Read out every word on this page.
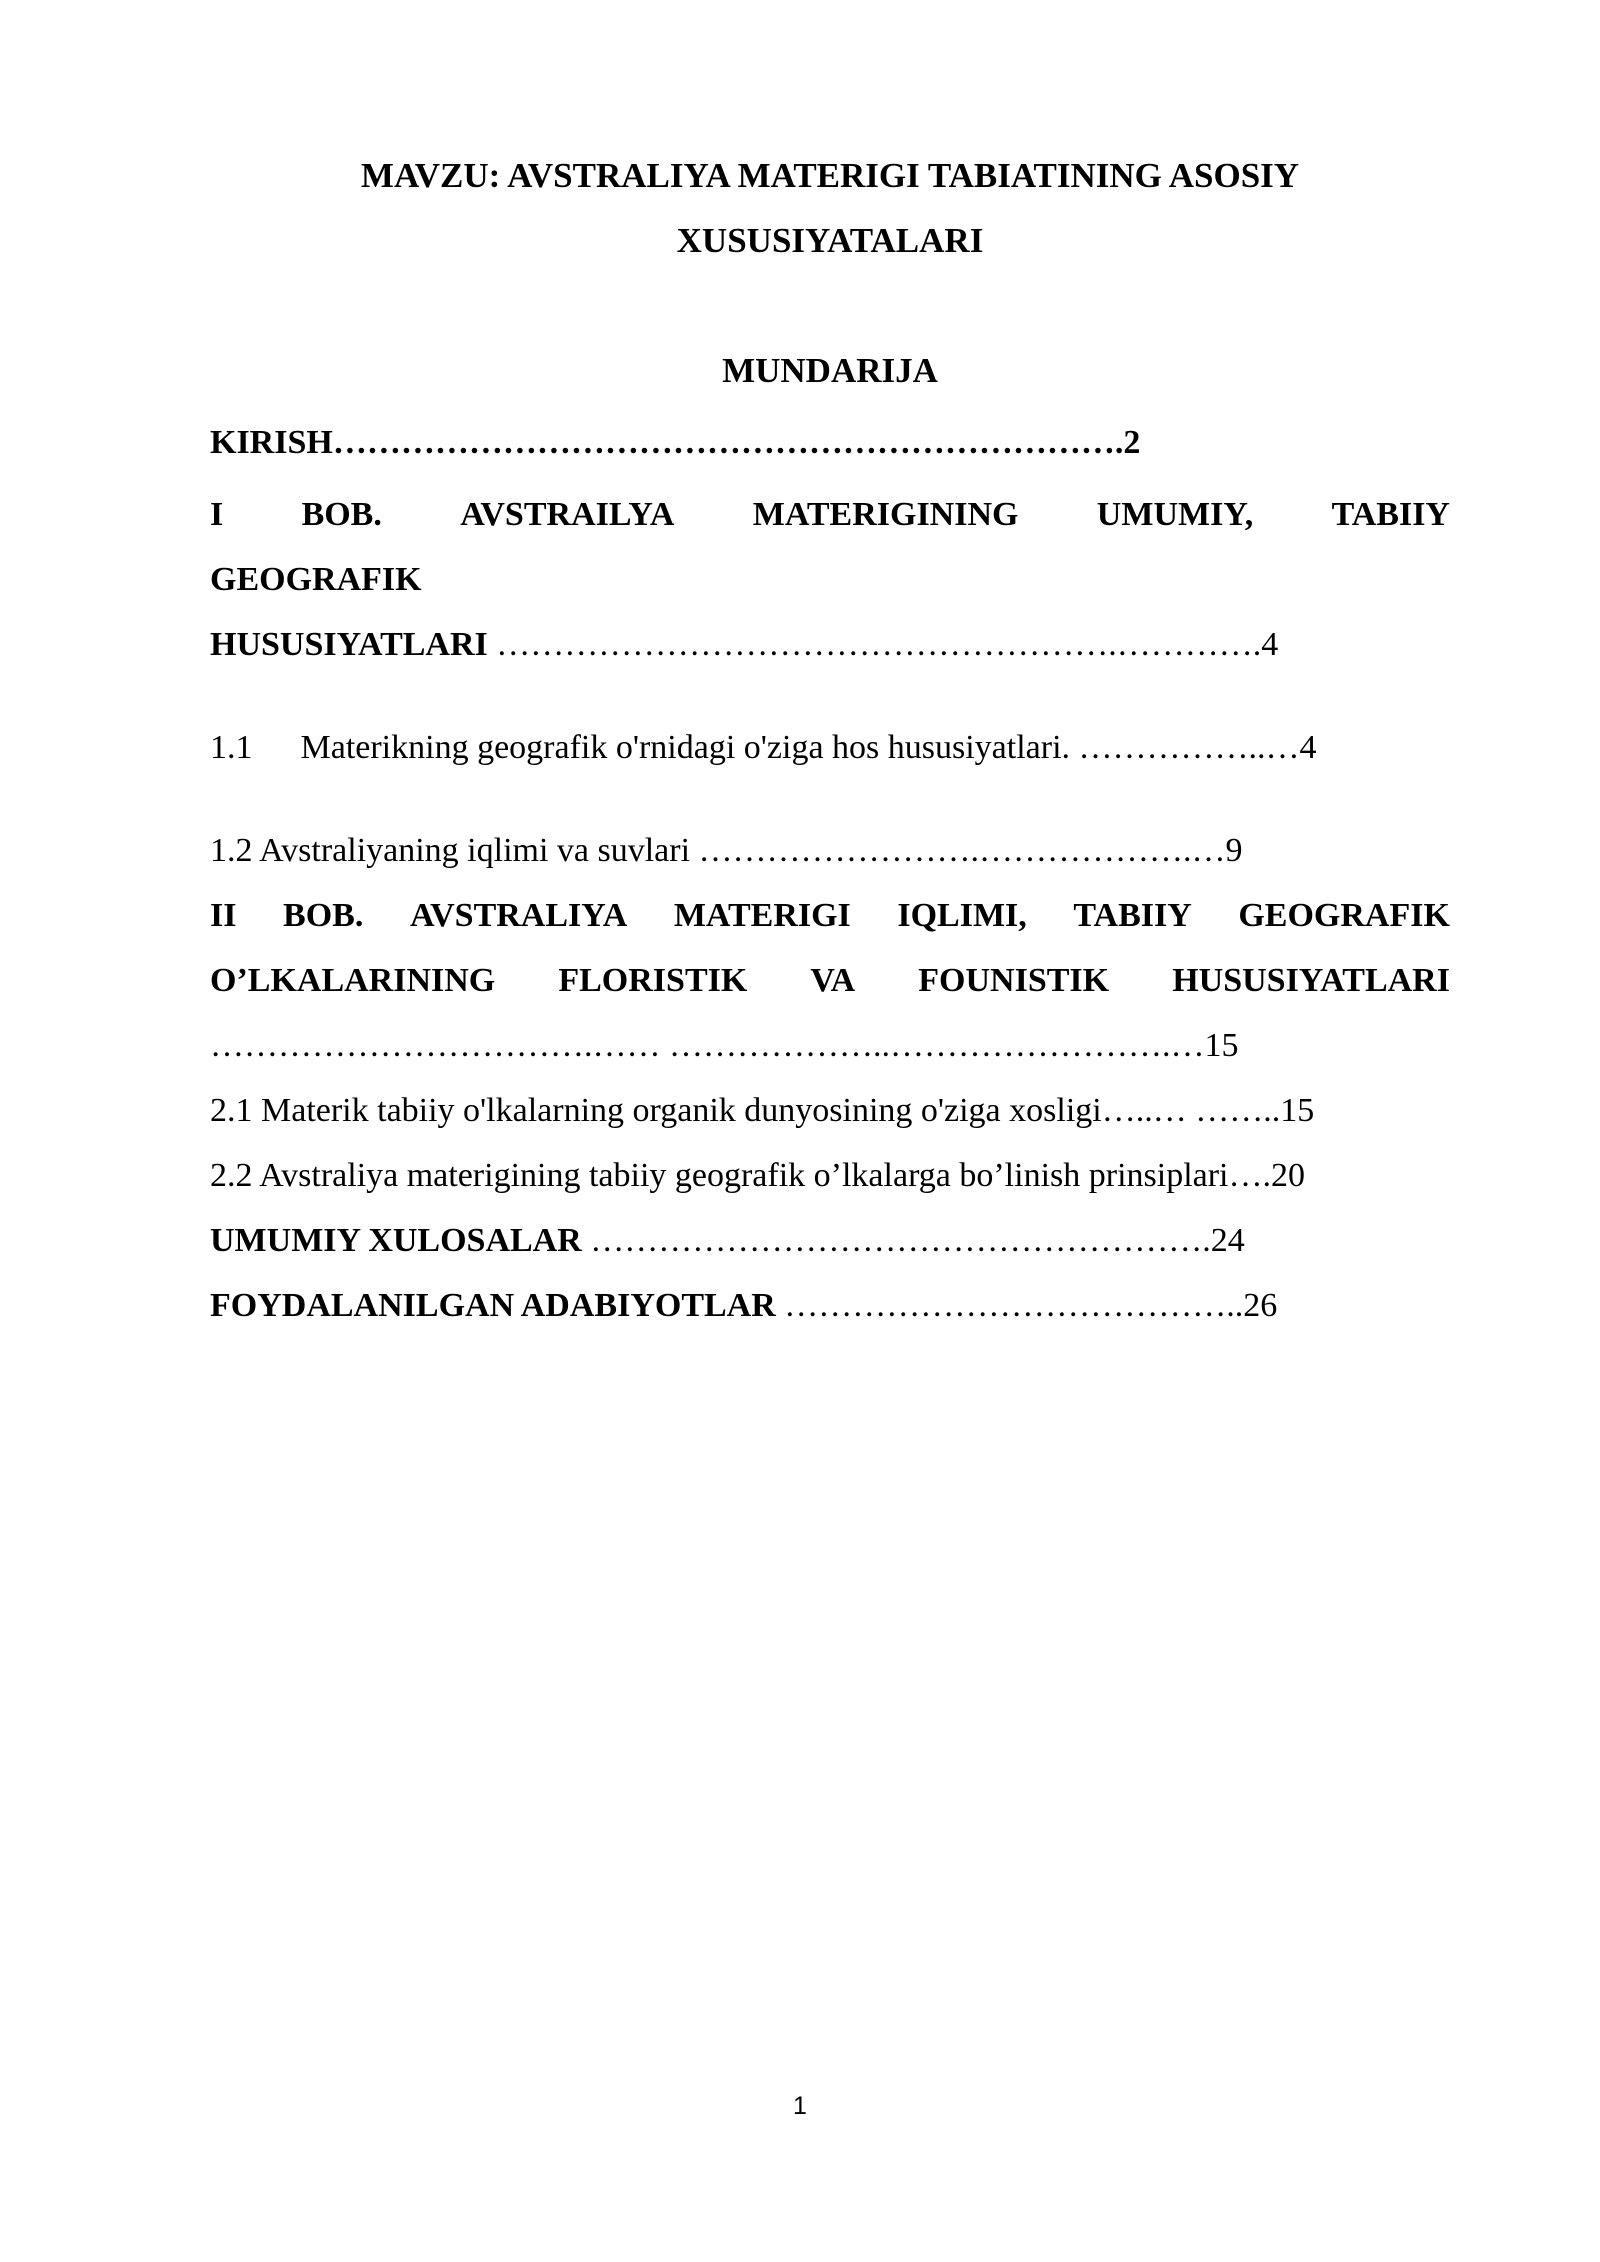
MAVZU: AVSTRALIYA MATERIGI TABIATINING ASOSIY
XUSUSIYATALARI
MUNDARIJA
KIRISH…………………………………………………………….2
I BOB. AVSTRAILYA MATERIGINING UMUMIY, TABIIY
GEOGRAFIK
HUSUSIYATLARI ……………………………………………….………….4
1.1 Materikning geografik o'rnidagi o'ziga hos hususiyatlari. ……………..…4
1.2 Avstraliyaning iqlimi va suvlari …………………….……………….…9
II BOB. AVSTRALIYA MATERIGI IQLIMI, TABIIY GEOGRAFIK
O’LKALARINING FLORISTIK VA FOUNISTIK HUSUSIYATLARI
…………………………….…… ………………..…………………….…15
2.1 Materik tabiiy o'lkalarning organik dunyosining o'ziga xosligi…..… ……..15
2.2 Avstraliya materigining tabiiy geografik o’lkalarga bo’linish prinsiplari….20
UMUMIY XULOSALAR ……………………………………………….24
FOYDALANILGAN ADABIYOTLAR …………………………………..26
1
